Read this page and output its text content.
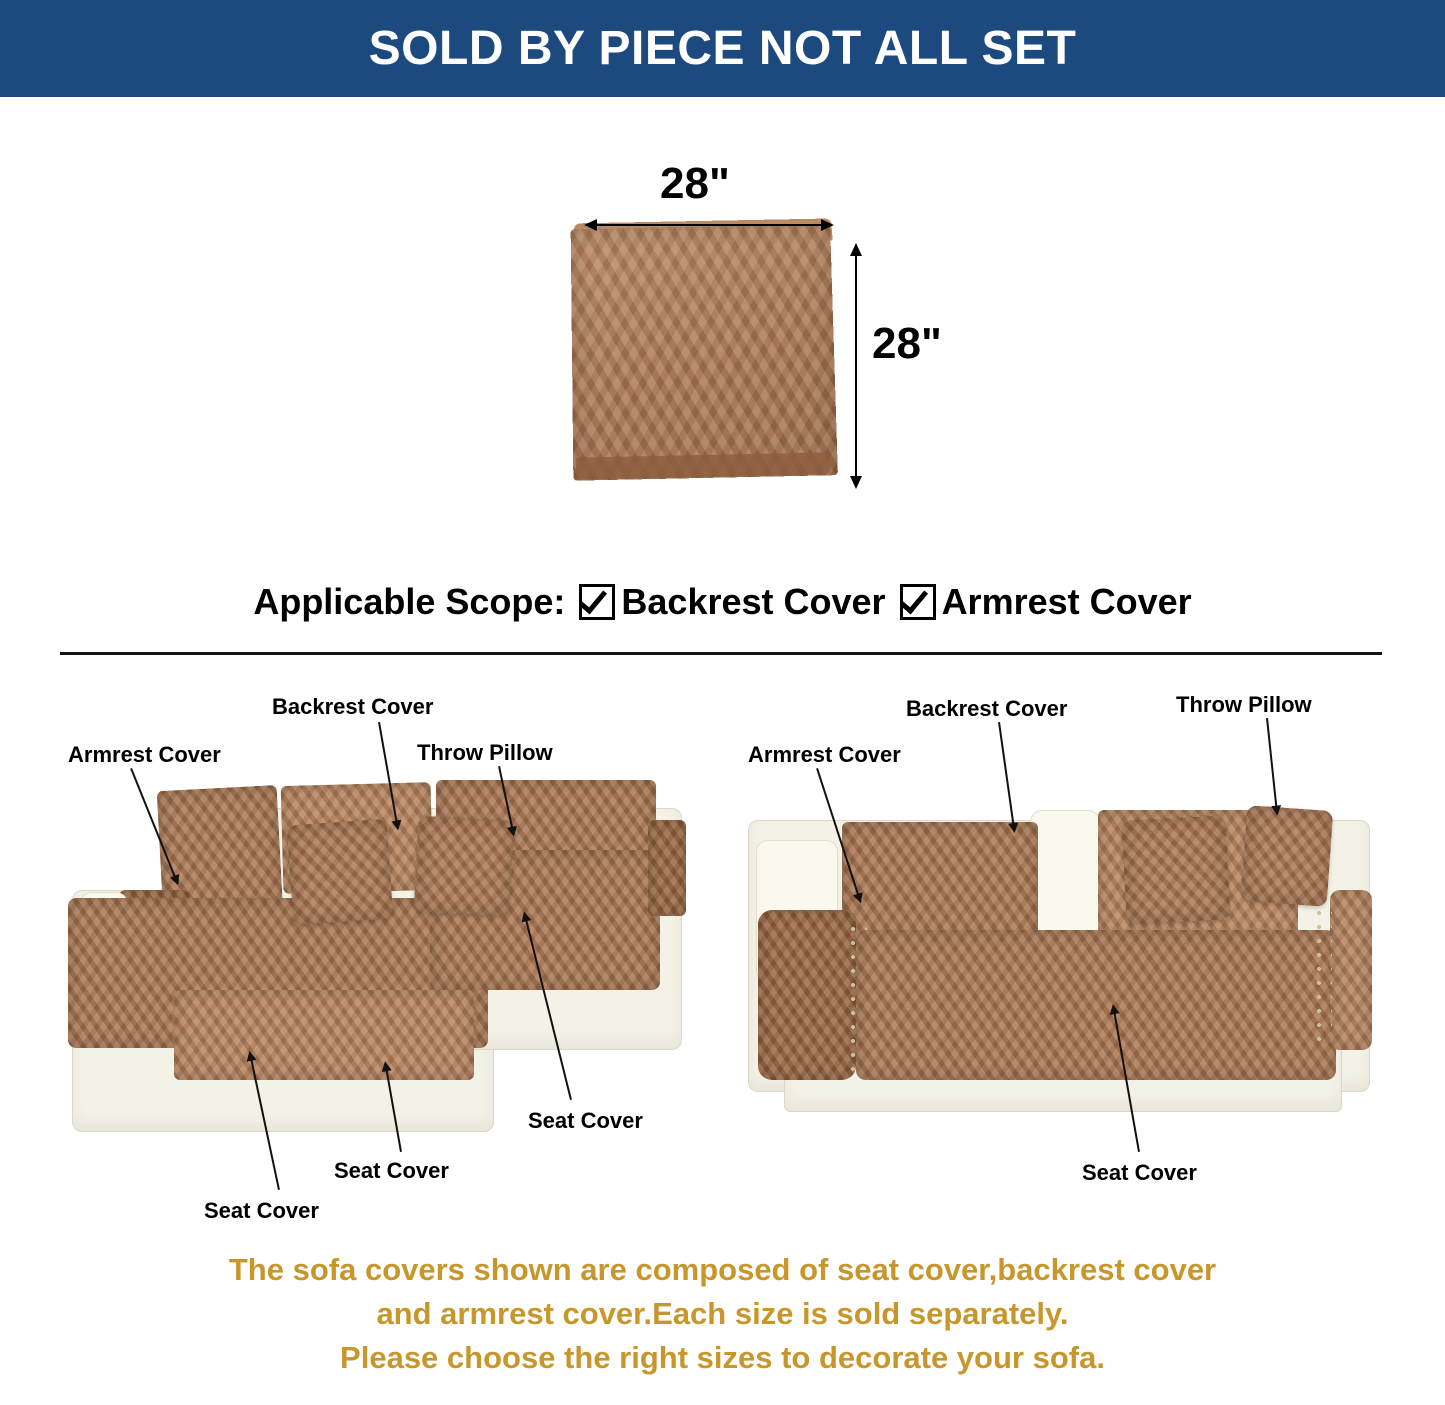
SOLD BY PIECE NOT ALL SET
28"
28"
Applicable Scope: Backrest Cover Armrest Cover
Armrest Cover
Backrest Cover
Throw Pillow
Seat Cover
Seat Cover
Seat Cover
Armrest Cover
Backrest Cover	Throw Pillow
Seat Cover
The sofa covers shown are composed of seat cover,backrest cover
and armrest cover.Each size is sold separately.
Please choose the right sizes to decorate your sofa.
